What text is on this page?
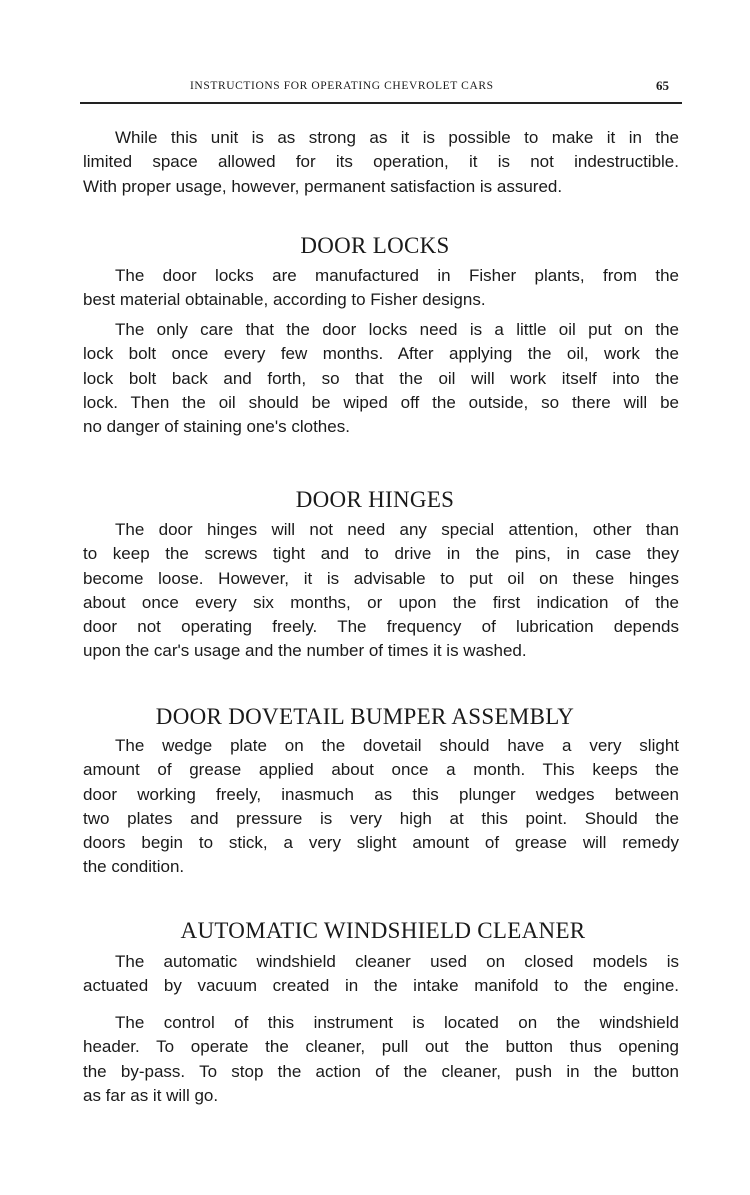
INSTRUCTIONS FOR OPERATING CHEVROLET CARS	65
While this unit is as strong as it is possible to make it in the
limited space allowed for its operation, it is not indestructible.
With proper usage, however, permanent satisfaction is assured.
DOOR LOCKS
The door locks are manufactured in Fisher plants, from the
best material obtainable, according to Fisher designs.
The only care that the door locks need is a little oil put on the
lock bolt once every few months. After applying the oil, work the
lock bolt back and forth, so that the oil will work itself into the
lock. Then the oil should be wiped off the outside, so there will be
no danger of staining one's clothes.
DOOR HINGES
The door hinges will not need any special attention, other than
to keep the screws tight and to drive in the pins, in case they
become loose. However, it is advisable to put oil on these hinges
about once every six months, or upon the first indication of the
door not operating freely. The frequency of lubrication depends
upon the car's usage and the number of times it is washed.
DOOR DOVETAIL BUMPER ASSEMBLY
The wedge plate on the dovetail should have a very slight
amount of grease applied about once a month. This keeps the
door working freely, inasmuch as this plunger wedges between
two plates and pressure is very high at this point. Should the
doors begin to stick, a very slight amount of grease will remedy
the condition.
AUTOMATIC WINDSHIELD CLEANER
The automatic windshield cleaner used on closed models is
actuated by vacuum created in the intake manifold to the engine.
The control of this instrument is located on the windshield
header. To operate the cleaner, pull out the button thus opening
the by-pass. To stop the action of the cleaner, push in the button
as far as it will go.
